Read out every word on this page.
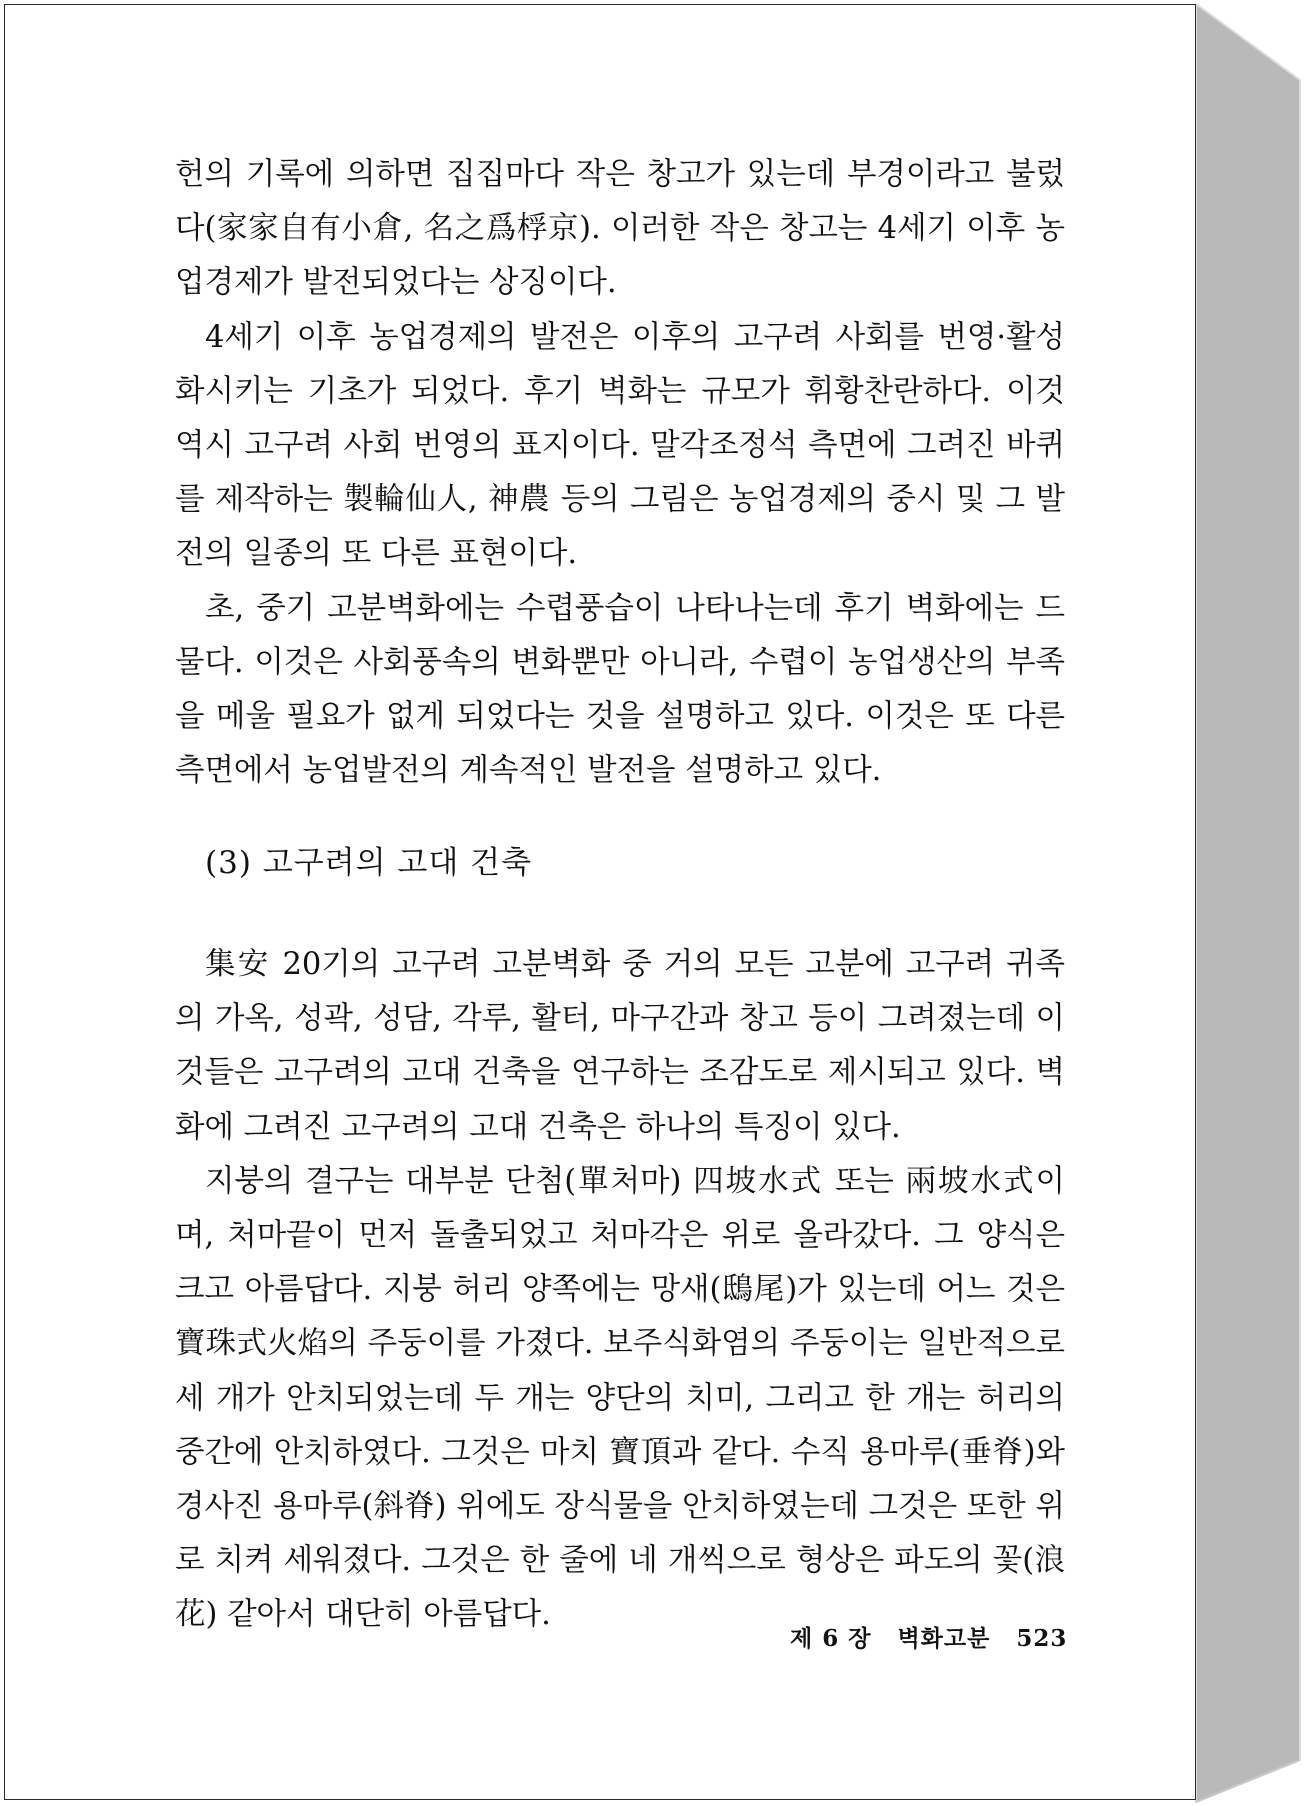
헌의 기록에 의하면 집집마다 작은 창고가 있는데 부경이라고 불렀다(家家自有小倉, 名之爲桴京). 이러한 작은 창고는 4세기 이후 농업경제가 발전되었다는 상징이다.

4세기 이후 농업경제의 발전은 이후의 고구려 사회를 번영·활성화시키는 기초가 되었다. 후기 벽화는 규모가 휘황찬란하다. 이것 역시 고구려 사회 번영의 표지이다. 말각조정석 측면에 그려진 바퀴를 제작하는 製輪仙人, 神農 등의 그림은 농업경제의 중시 및 그 발전의 일종의 또 다른 표현이다.

초, 중기 고분벽화에는 수렵풍습이 나타나는데 후기 벽화에는 드물다. 이것은 사회풍속의 변화뿐만 아니라, 수렵이 농업생산의 부족을 메울 필요가 없게 되었다는 것을 설명하고 있다. 이것은 또 다른 측면에서 농업발전의 계속적인 발전을 설명하고 있다.

(3) 고구려의 고대 건축

集安 20기의 고구려 고분벽화 중 거의 모든 고분에 고구려 귀족의 가옥, 성곽, 성담, 각루, 활터, 마구간과 창고 등이 그려졌는데 이것들은 고구려의 고대 건축을 연구하는 조감도로 제시되고 있다. 벽화에 그려진 고구려의 고대 건축은 하나의 특징이 있다.

지붕의 결구는 대부분 단첨(單처마) 四坡水式 또는 兩坡水式이며, 처마끝이 먼저 돌출되었고 처마각은 위로 올라갔다. 그 양식은 크고 아름답다. 지붕 허리 양쪽에는 망새(鴟尾)가 있는데 어느 것은 寶珠式火焰의 주둥이를 가졌다. 보주식화염의 주둥이는 일반적으로 세 개가 안치되었는데 두 개는 양단의 치미, 그리고 한 개는 허리의 중간에 안치하였다. 그것은 마치 寶頂과 같다. 수직 용마루(垂脊)와 경사진 용마루(斜脊) 위에도 장식물을 안치하였는데 그것은 또한 위로 치켜 세워졌다. 그것은 한 줄에 네 개씩으로 형상은 파도의 꽃(浪花) 같아서 대단히 아름답다.

제 6 장 벽화고분 523
